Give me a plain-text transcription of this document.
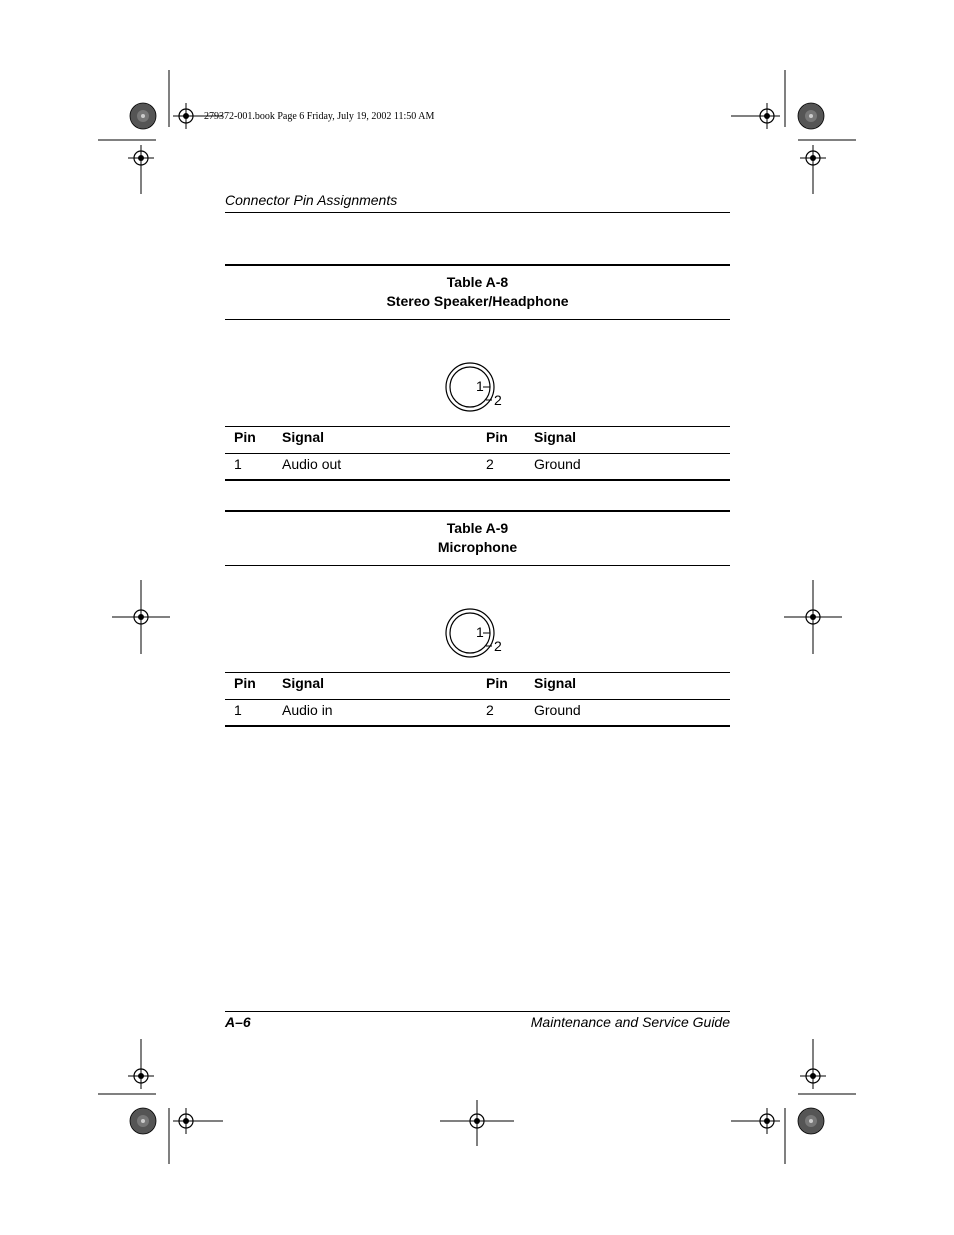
279372-001.book Page 6 Friday, July 19, 2002 11:50 AM
Connector Pin Assignments
Table A-8
Stereo Speaker/Headphone
1
2
Pin Signal	Pin Signal
1	Audio out	2	Ground
Table A-9
Microphone
1
2
Pin Signal	Pin Signal
1	Audio in	2	Ground
A–6	Maintenance and Service Guide
